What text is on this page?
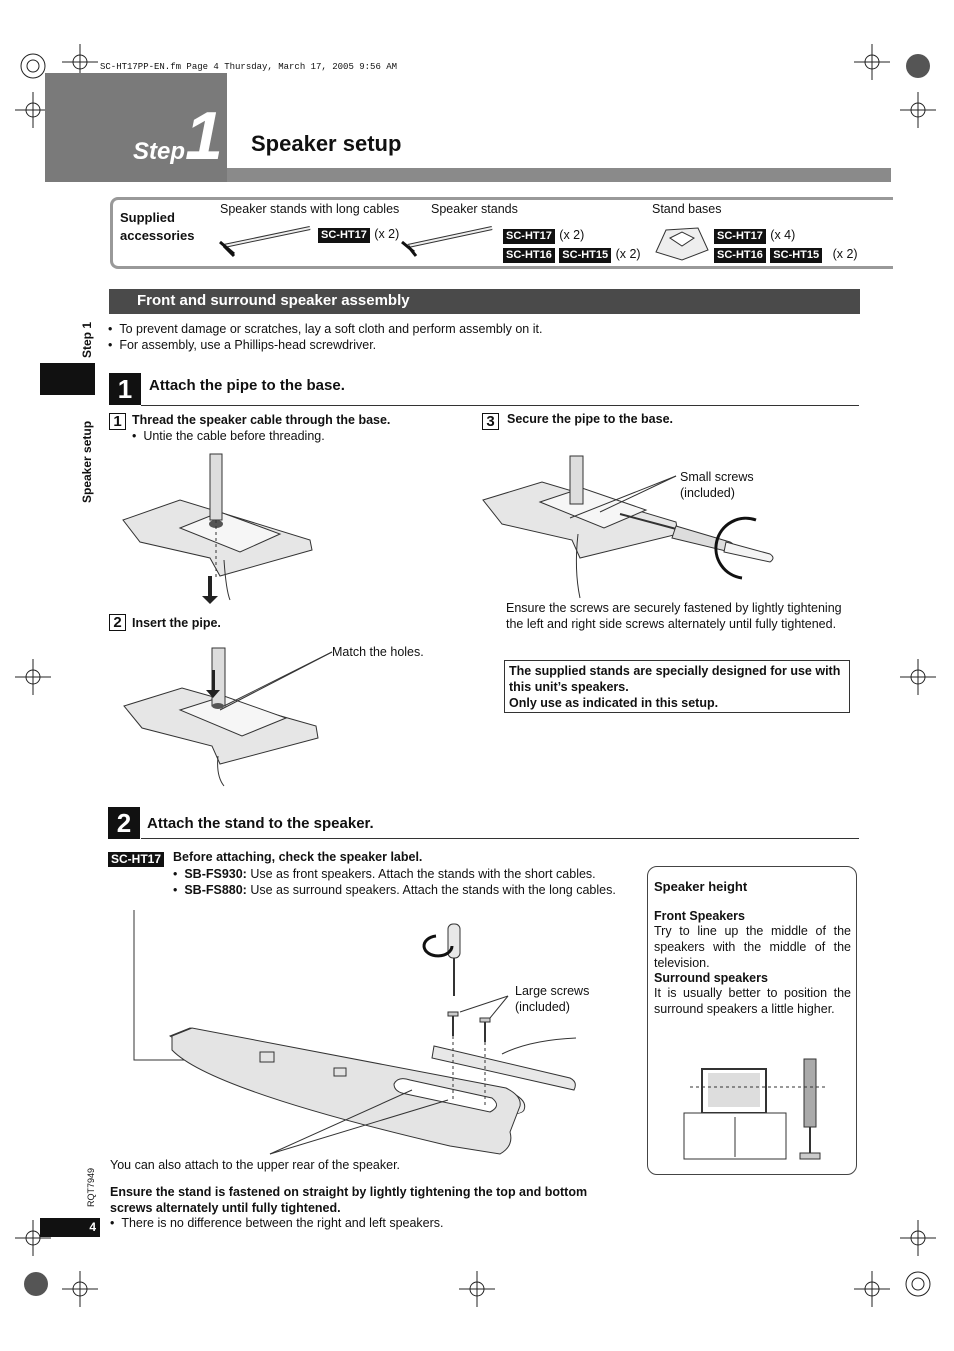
SC-HT17PP-EN.fm Page 4 Thursday, March 17, 2005 9:56 AM
Step 1 Speaker setup
Supplied
accessories
Speaker stands with long cables
SC-HT17 (x 2)
Speaker stands
SC-HT17 (x 2)
SC-HT16 SC-HT15 (x 2)
Stand bases
SC-HT17 (x 4)
SC-HT16 SC-HT15 (x 2)
Front and surround speaker assembly
•  To prevent damage or scratches, lay a soft cloth and perform assembly on it.
•  For assembly, use a Phillips-head screwdriver.
Step 1
Speaker setup
1	Attach the pipe to the base.
1 Thread the speaker cable through the base.
•  Untie the cable before threading.
2 Insert the pipe.
Match the holes.
3 Secure the pipe to the base.
Small screws
(included)
Ensure the screws are securely fastened by lightly tightening
the left and right side screws alternately until fully tightened.
The supplied stands are specially designed for use with
this unit’s speakers.
Only use as indicated in this setup.
2	Attach the stand to the speaker.
SC-HT17 Before attaching, check the speaker label.
•  SB-FS930: Use as front speakers. Attach the stands with the short cables.
•  SB-FS880: Use as surround speakers. Attach the stands with the long cables.
Large screws
(included)
You can also attach to the upper rear of the speaker.
Ensure the stand is fastened on straight by lightly tightening the top and bottom
screws alternately until fully tightened.
•  There is no difference between the right and left speakers.
Speaker height
Front Speakers
Try to line up the middle of the speakers with the middle of the television.
Surround speakers
It is usually better to position the surround speakers a little higher.
RQT7949
4
